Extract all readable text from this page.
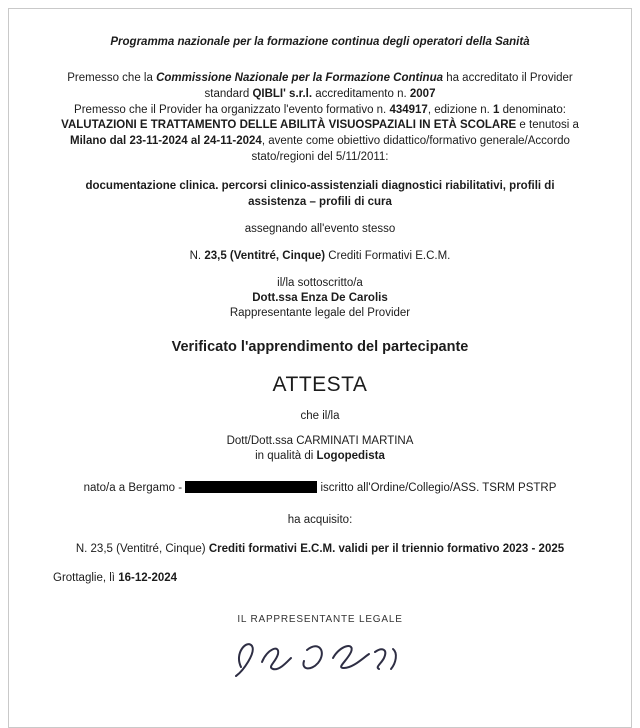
Programma nazionale per la formazione continua degli operatori della Sanità

Premesso che la Commissione Nazionale per la Formazione Continua ha accreditato il Provider standard QIBLI' s.r.l. accreditamento n. 2007
Premesso che il Provider ha organizzato l'evento formativo n. 434917, edizione n. 1 denominato:
VALUTAZIONI E TRATTAMENTO DELLE ABILITÀ VISUOSPAZIALI IN ETÀ SCOLARE e tenutosi a Milano dal 23-11-2024 al 24-11-2024, avente come obiettivo didattico/formativo generale/Accordo stato/regioni del 5/11/2011:

documentazione clinica. percorsi clinico-assistenziali diagnostici riabilitativi, profili di assistenza – profili di cura

assegnando all'evento stesso

N. 23,5 (Ventitré, Cinque) Crediti Formativi E.C.M.

il/la sottoscritto/a

Dott.ssa Enza De Carolis

Rappresentante legale del Provider

Verificato l'apprendimento del partecipante

ATTESTA

che il/la

Dott/Dott.ssa CARMINATI MARTINA

in qualità di Logopedista

nato/a a Bergamo -	iscritto all'Ordine/Collegio/ASS. TSRM PSTRP

ha acquisito:

N. 23,5 (Ventitré, Cinque) Crediti formativi E.C.M. validi per il triennio formativo 2023 - 2025

Grottaglie, lì 16-12-2024

IL RAPPRESENTANTE LEGALE
